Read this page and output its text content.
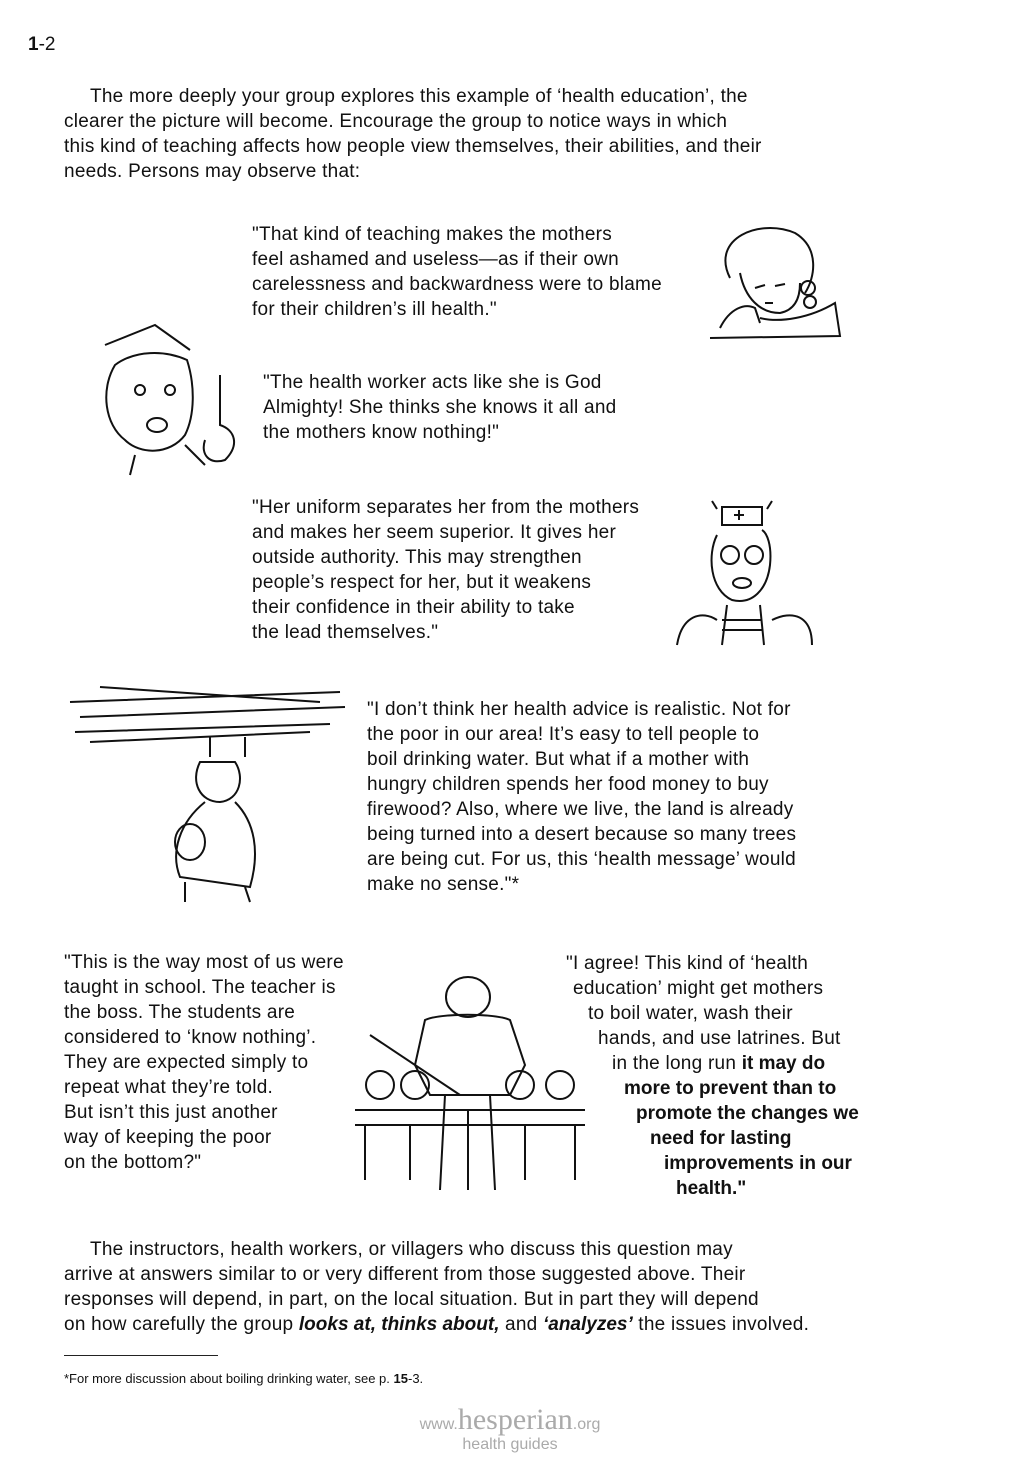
1-2
The more deeply your group explores this example of ‘health education’, the
clearer the picture will become. Encourage the group to notice ways in which
this kind of teaching affects how people view themselves, their abilities, and their
needs. Persons may observe that:
"That kind of teaching makes the mothers
feel ashamed and useless—as if their own
carelessness and backwardness were to blame
for their children’s ill health."
"The health worker acts like she is God
Almighty! She thinks she knows it all and
the mothers know nothing!"
"Her uniform separates her from the mothers
and makes her seem superior. It gives her
outside authority. This may strengthen
people’s respect for her, but it weakens
their confidence in their ability to take
the lead themselves."
"I don’t think her health advice is realistic. Not for
the poor in our area! It’s easy to tell people to
boil drinking water. But what if a mother with
hungry children spends her food money to buy
firewood? Also, where we live, the land is already
being turned into a desert because so many trees
are being cut. For us, this ‘health message’ would
make no sense."*
"This is the way most of us were
taught in school. The teacher is
the boss. The students are
considered to ‘know nothing’.
They are expected simply to
repeat what they’re told.
But isn’t this just another
way of keeping the poor
on the bottom?"
"I agree! This kind of ‘health
education’ might get mothers
to boil water, wash their
hands, and use latrines. But
in the long run it may do
more to prevent than to
promote the changes we
need for lasting
improvements in our
health."
The instructors, health workers, or villagers who discuss this question may
arrive at answers similar to or very different from those suggested above. Their
responses will depend, in part, on the local situation. But in part they will depend
on how carefully the group looks at, thinks about, and ‘analyzes’ the issues involved.
*For more discussion about boiling drinking water, see p. 15-3.
www.hesperian.org
health guides
